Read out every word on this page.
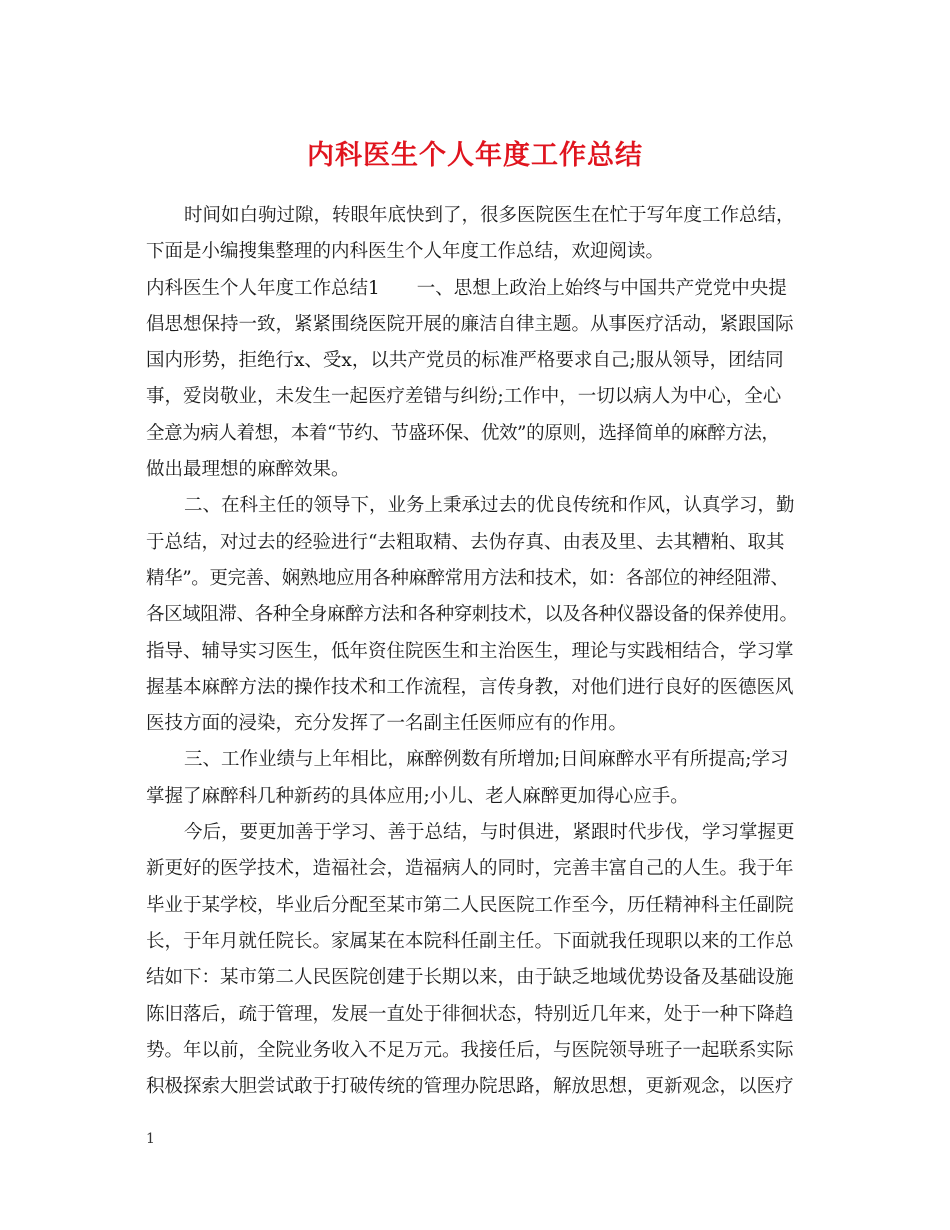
内科医生个人年度工作总结
时间如白驹过隙，转眼年底快到了，很多医院医生在忙于写年度工作总结，
下面是小编搜集整理的内科医生个人年度工作总结，欢迎阅读。
内科医生个人年度工作总结1　　一、思想上政治上始终与中国共产党党中央提
倡思想保持一致，紧紧围绕医院开展的廉洁自律主题。从事医疗活动，紧跟国际
国内形势，拒绝行x、受x，以共产党员的标准严格要求自己;服从领导，团结同
事，爱岗敬业，未发生一起医疗差错与纠纷;工作中，一切以病人为中心，全心
全意为病人着想，本着“节约、节盛环保、优效”的原则，选择简单的麻醉方法，
做出最理想的麻醉效果。
二、在科主任的领导下，业务上秉承过去的优良传统和作风，认真学习，勤
于总结，对过去的经验进行“去粗取精、去伪存真、由表及里、去其糟粕、取其
精华”。更完善、娴熟地应用各种麻醉常用方法和技术，如：各部位的神经阻滞、
各区域阻滞、各种全身麻醉方法和各种穿刺技术，以及各种仪器设备的保养使用。
指导、辅导实习医生，低年资住院医生和主治医生，理论与实践相结合，学习掌
握基本麻醉方法的操作技术和工作流程，言传身教，对他们进行良好的医德医风
医技方面的浸染，充分发挥了一名副主任医师应有的作用。
三、工作业绩与上年相比，麻醉例数有所增加;日间麻醉水平有所提高;学习
掌握了麻醉科几种新药的具体应用;小儿、老人麻醉更加得心应手。
今后，要更加善于学习、善于总结，与时俱进，紧跟时代步伐，学习掌握更
新更好的医学技术，造福社会，造福病人的同时，完善丰富自己的人生。我于年
毕业于某学校，毕业后分配至某市第二人民医院工作至今，历任精神科主任副院
长，于年月就任院长。家属某在本院科任副主任。下面就我任现职以来的工作总
结如下：某市第二人民医院创建于长期以来，由于缺乏地域优势设备及基础设施
陈旧落后，疏于管理，发展一直处于徘徊状态，特别近几年来，处于一种下降趋
势。年以前，全院业务收入不足万元。我接任后，与医院领导班子一起联系实际
积极探索大胆尝试敢于打破传统的管理办院思路，解放思想，更新观念，以医疗
1
